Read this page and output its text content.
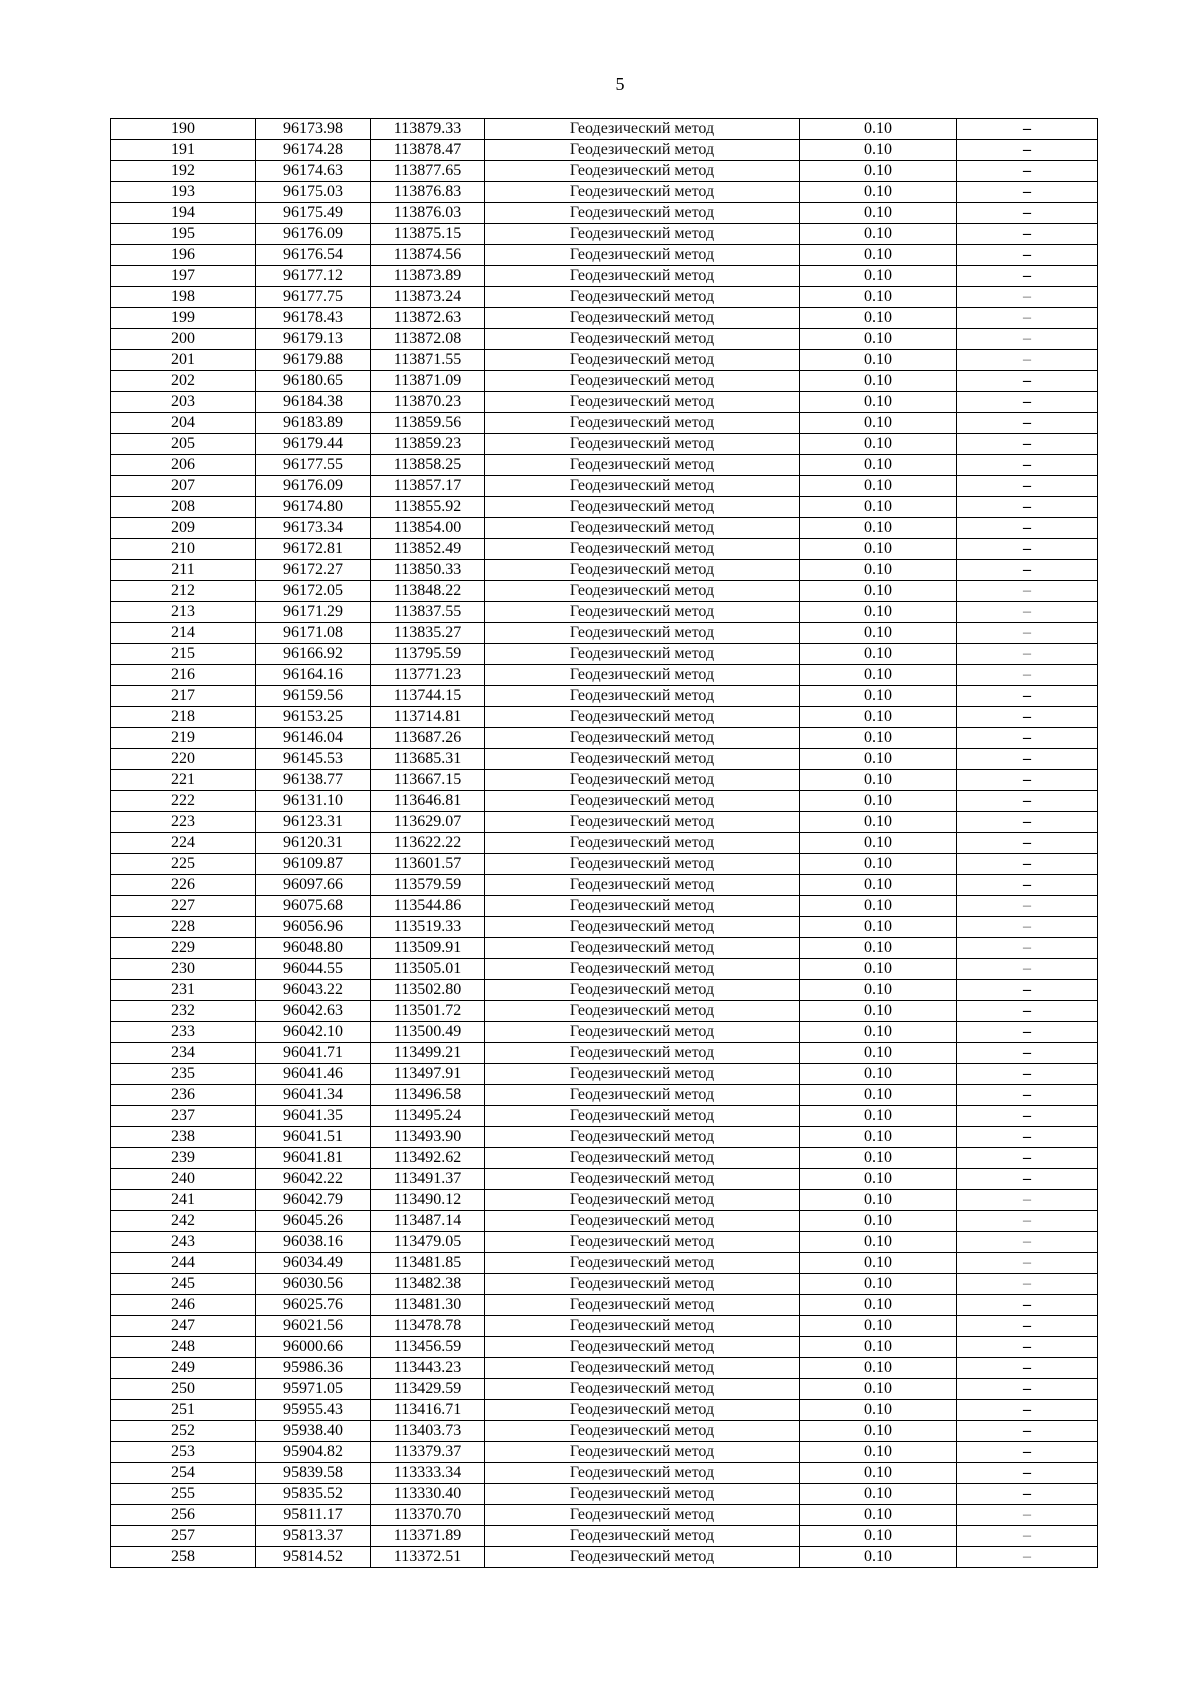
5
190	96173.98	113879.33	Геодезический метод	0.10	–
191	96174.28	113878.47	Геодезический метод	0.10	–
192	96174.63	113877.65	Геодезический метод	0.10	–
193	96175.03	113876.83	Геодезический метод	0.10	–
194	96175.49	113876.03	Геодезический метод	0.10	–
195	96176.09	113875.15	Геодезический метод	0.10	–
196	96176.54	113874.56	Геодезический метод	0.10	–
197	96177.12	113873.89	Геодезический метод	0.10	–
198	96177.75	113873.24	Геодезический метод	0.10	–
199	96178.43	113872.63	Геодезический метод	0.10	–
200	96179.13	113872.08	Геодезический метод	0.10	–
201	96179.88	113871.55	Геодезический метод	0.10	–
202	96180.65	113871.09	Геодезический метод	0.10	–
203	96184.38	113870.23	Геодезический метод	0.10	–
204	96183.89	113859.56	Геодезический метод	0.10	–
205	96179.44	113859.23	Геодезический метод	0.10	–
206	96177.55	113858.25	Геодезический метод	0.10	–
207	96176.09	113857.17	Геодезический метод	0.10	–
208	96174.80	113855.92	Геодезический метод	0.10	–
209	96173.34	113854.00	Геодезический метод	0.10	–
210	96172.81	113852.49	Геодезический метод	0.10	–
211	96172.27	113850.33	Геодезический метод	0.10	–
212	96172.05	113848.22	Геодезический метод	0.10	–
213	96171.29	113837.55	Геодезический метод	0.10	–
214	96171.08	113835.27	Геодезический метод	0.10	–
215	96166.92	113795.59	Геодезический метод	0.10	–
216	96164.16	113771.23	Геодезический метод	0.10	–
217	96159.56	113744.15	Геодезический метод	0.10	–
218	96153.25	113714.81	Геодезический метод	0.10	–
219	96146.04	113687.26	Геодезический метод	0.10	–
220	96145.53	113685.31	Геодезический метод	0.10	–
221	96138.77	113667.15	Геодезический метод	0.10	–
222	96131.10	113646.81	Геодезический метод	0.10	–
223	96123.31	113629.07	Геодезический метод	0.10	–
224	96120.31	113622.22	Геодезический метод	0.10	–
225	96109.87	113601.57	Геодезический метод	0.10	–
226	96097.66	113579.59	Геодезический метод	0.10	–
227	96075.68	113544.86	Геодезический метод	0.10	–
228	96056.96	113519.33	Геодезический метод	0.10	–
229	96048.80	113509.91	Геодезический метод	0.10	–
230	96044.55	113505.01	Геодезический метод	0.10	–
231	96043.22	113502.80	Геодезический метод	0.10	–
232	96042.63	113501.72	Геодезический метод	0.10	–
233	96042.10	113500.49	Геодезический метод	0.10	–
234	96041.71	113499.21	Геодезический метод	0.10	–
235	96041.46	113497.91	Геодезический метод	0.10	–
236	96041.34	113496.58	Геодезический метод	0.10	–
237	96041.35	113495.24	Геодезический метод	0.10	–
238	96041.51	113493.90	Геодезический метод	0.10	–
239	96041.81	113492.62	Геодезический метод	0.10	–
240	96042.22	113491.37	Геодезический метод	0.10	–
241	96042.79	113490.12	Геодезический метод	0.10	–
242	96045.26	113487.14	Геодезический метод	0.10	–
243	96038.16	113479.05	Геодезический метод	0.10	–
244	96034.49	113481.85	Геодезический метод	0.10	–
245	96030.56	113482.38	Геодезический метод	0.10	–
246	96025.76	113481.30	Геодезический метод	0.10	–
247	96021.56	113478.78	Геодезический метод	0.10	–
248	96000.66	113456.59	Геодезический метод	0.10	–
249	95986.36	113443.23	Геодезический метод	0.10	–
250	95971.05	113429.59	Геодезический метод	0.10	–
251	95955.43	113416.71	Геодезический метод	0.10	–
252	95938.40	113403.73	Геодезический метод	0.10	–
253	95904.82	113379.37	Геодезический метод	0.10	–
254	95839.58	113333.34	Геодезический метод	0.10	–
255	95835.52	113330.40	Геодезический метод	0.10	–
256	95811.17	113370.70	Геодезический метод	0.10	–
257	95813.37	113371.89	Геодезический метод	0.10	–
258	95814.52	113372.51	Геодезический метод	0.10	–
